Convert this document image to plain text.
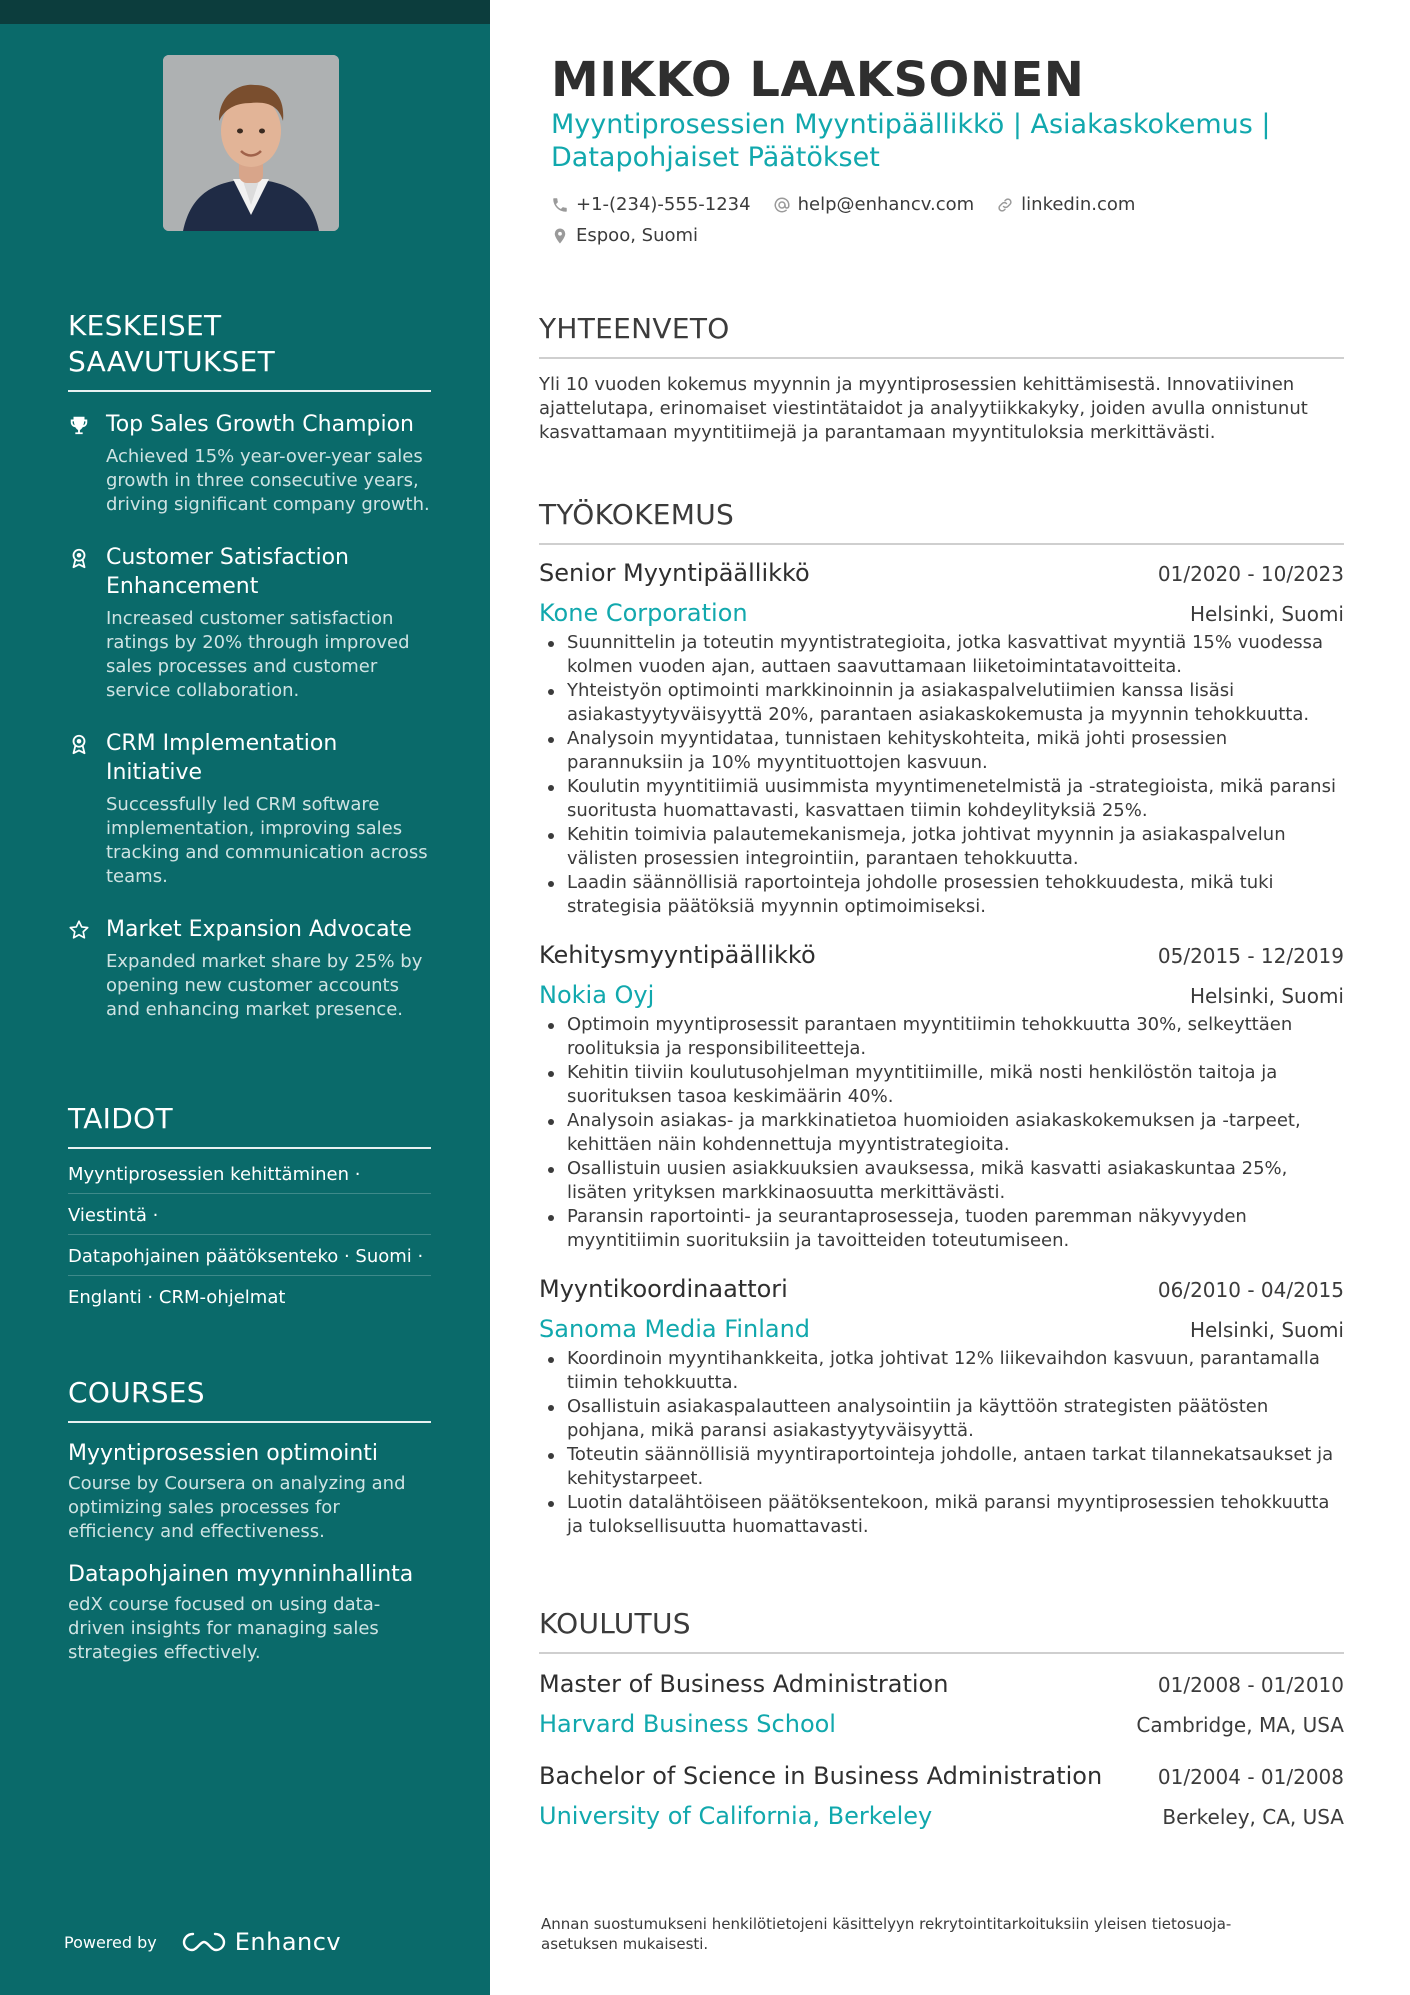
KESKEISET SAAVUTUKSET
Top Sales Growth Champion
Achieved 15% year-over-year sales growth in three consecutive years, driving significant company growth.
Customer Satisfaction Enhancement
Increased customer satisfaction ratings by 20% through improved sales processes and customer service collaboration.
CRM Implementation Initiative
Successfully led CRM software implementation, improving sales tracking and communication across teams.
Market Expansion Advocate
Expanded market share by 25% by opening new customer accounts and enhancing market presence.
TAIDOT
Myyntiprosessien kehittäminen ·
Viestintä ·
Datapohjainen päätöksenteko · Suomi ·
Englanti · CRM-ohjelmat
COURSES
Myyntiprosessien optimointi
Course by Coursera on analyzing and optimizing sales processes for efficiency and effectiveness.
Datapohjainen myynninhallinta
edX course focused on using data-driven insights for managing sales strategies effectively.
Powered by	Enhancv
MIKKO LAAKSONEN
Myyntiprosessien Myyntipäällikkö | Asiakaskokemus | Datapohjaiset Päätökset
+1-(234)-555-1234	help@enhancv.com	linkedin.com
Espoo, Suomi
YHTEENVETO
Yli 10 vuoden kokemus myynnin ja myyntiprosessien kehittämisestä. Innovatiivinen ajattelutapa, erinomaiset viestintätaidot ja analyytiikkakyky, joiden avulla onnistunut kasvattamaan myyntitiimejä ja parantamaan myyntituloksia merkittävästi.
TYÖKOKEMUS
Senior Myyntipäällikkö	01/2020 - 10/2023
Kone Corporation	Helsinki, Suomi
Suunnittelin ja toteutin myyntistrategioita, jotka kasvattivat myyntiä 15% vuodessa kolmen vuoden ajan, auttaen saavuttamaan liiketoimintatavoitteita.
Yhteistyön optimointi markkinoinnin ja asiakaspalvelutiimien kanssa lisäsi asiakastyytyväisyyttä 20%, parantaen asiakaskokemusta ja myynnin tehokkuutta.
Analysoin myyntidataa, tunnistaen kehityskohteita, mikä johti prosessien parannuksiin ja 10% myyntituottojen kasvuun.
Koulutin myyntitiimiä uusimmista myyntimenetelmistä ja -strategioista, mikä paransi suoritusta huomattavasti, kasvattaen tiimin kohdeylityksiä 25%.
Kehitin toimivia palautemekanismeja, jotka johtivat myynnin ja asiakaspalvelun välisten prosessien integrointiin, parantaen tehokkuutta.
Laadin säännöllisiä raportointeja johdolle prosessien tehokkuudesta, mikä tuki strategisia päätöksiä myynnin optimoimiseksi.
Kehitysmyyntipäällikkö	05/2015 - 12/2019
Nokia Oyj	Helsinki, Suomi
Optimoin myyntiprosessit parantaen myyntitiimin tehokkuutta 30%, selkeyttäen roolituksia ja responsibiliteetteja.
Kehitin tiiviin koulutusohjelman myyntitiimille, mikä nosti henkilöstön taitoja ja suorituksen tasoa keskimäärin 40%.
Analysoin asiakas- ja markkinatietoa huomioiden asiakaskokemuksen ja -tarpeet, kehittäen näin kohdennettuja myyntistrategioita.
Osallistuin uusien asiakkuuksien avauksessa, mikä kasvatti asiakaskuntaa 25%, lisäten yrityksen markkinaosuutta merkittävästi.
Paransin raportointi- ja seurantaprosesseja, tuoden paremman näkyvyyden myyntitiimin suorituksiin ja tavoitteiden toteutumiseen.
Myyntikoordinaattori	06/2010 - 04/2015
Sanoma Media Finland	Helsinki, Suomi
Koordinoin myyntihankkeita, jotka johtivat 12% liikevaihdon kasvuun, parantamalla tiimin tehokkuutta.
Osallistuin asiakaspalautteen analysointiin ja käyttöön strategisten päätösten pohjana, mikä paransi asiakastyytyväisyyttä.
Toteutin säännöllisiä myyntiraportointeja johdolle, antaen tarkat tilannekatsaukset ja kehitystarpeet.
Luotin datalähtöiseen päätöksentekoon, mikä paransi myyntiprosessien tehokkuutta ja tuloksellisuutta huomattavasti.
KOULUTUS
Master of Business Administration	01/2008 - 01/2010
Harvard Business School	Cambridge, MA, USA
Bachelor of Science in Business Administration	01/2004 - 01/2008
University of California, Berkeley	Berkeley, CA, USA
Annan suostumukseni henkilötietojeni käsittelyyn rekrytointitarkoituksiin yleisen tietosuoja-asetuksen mukaisesti.
